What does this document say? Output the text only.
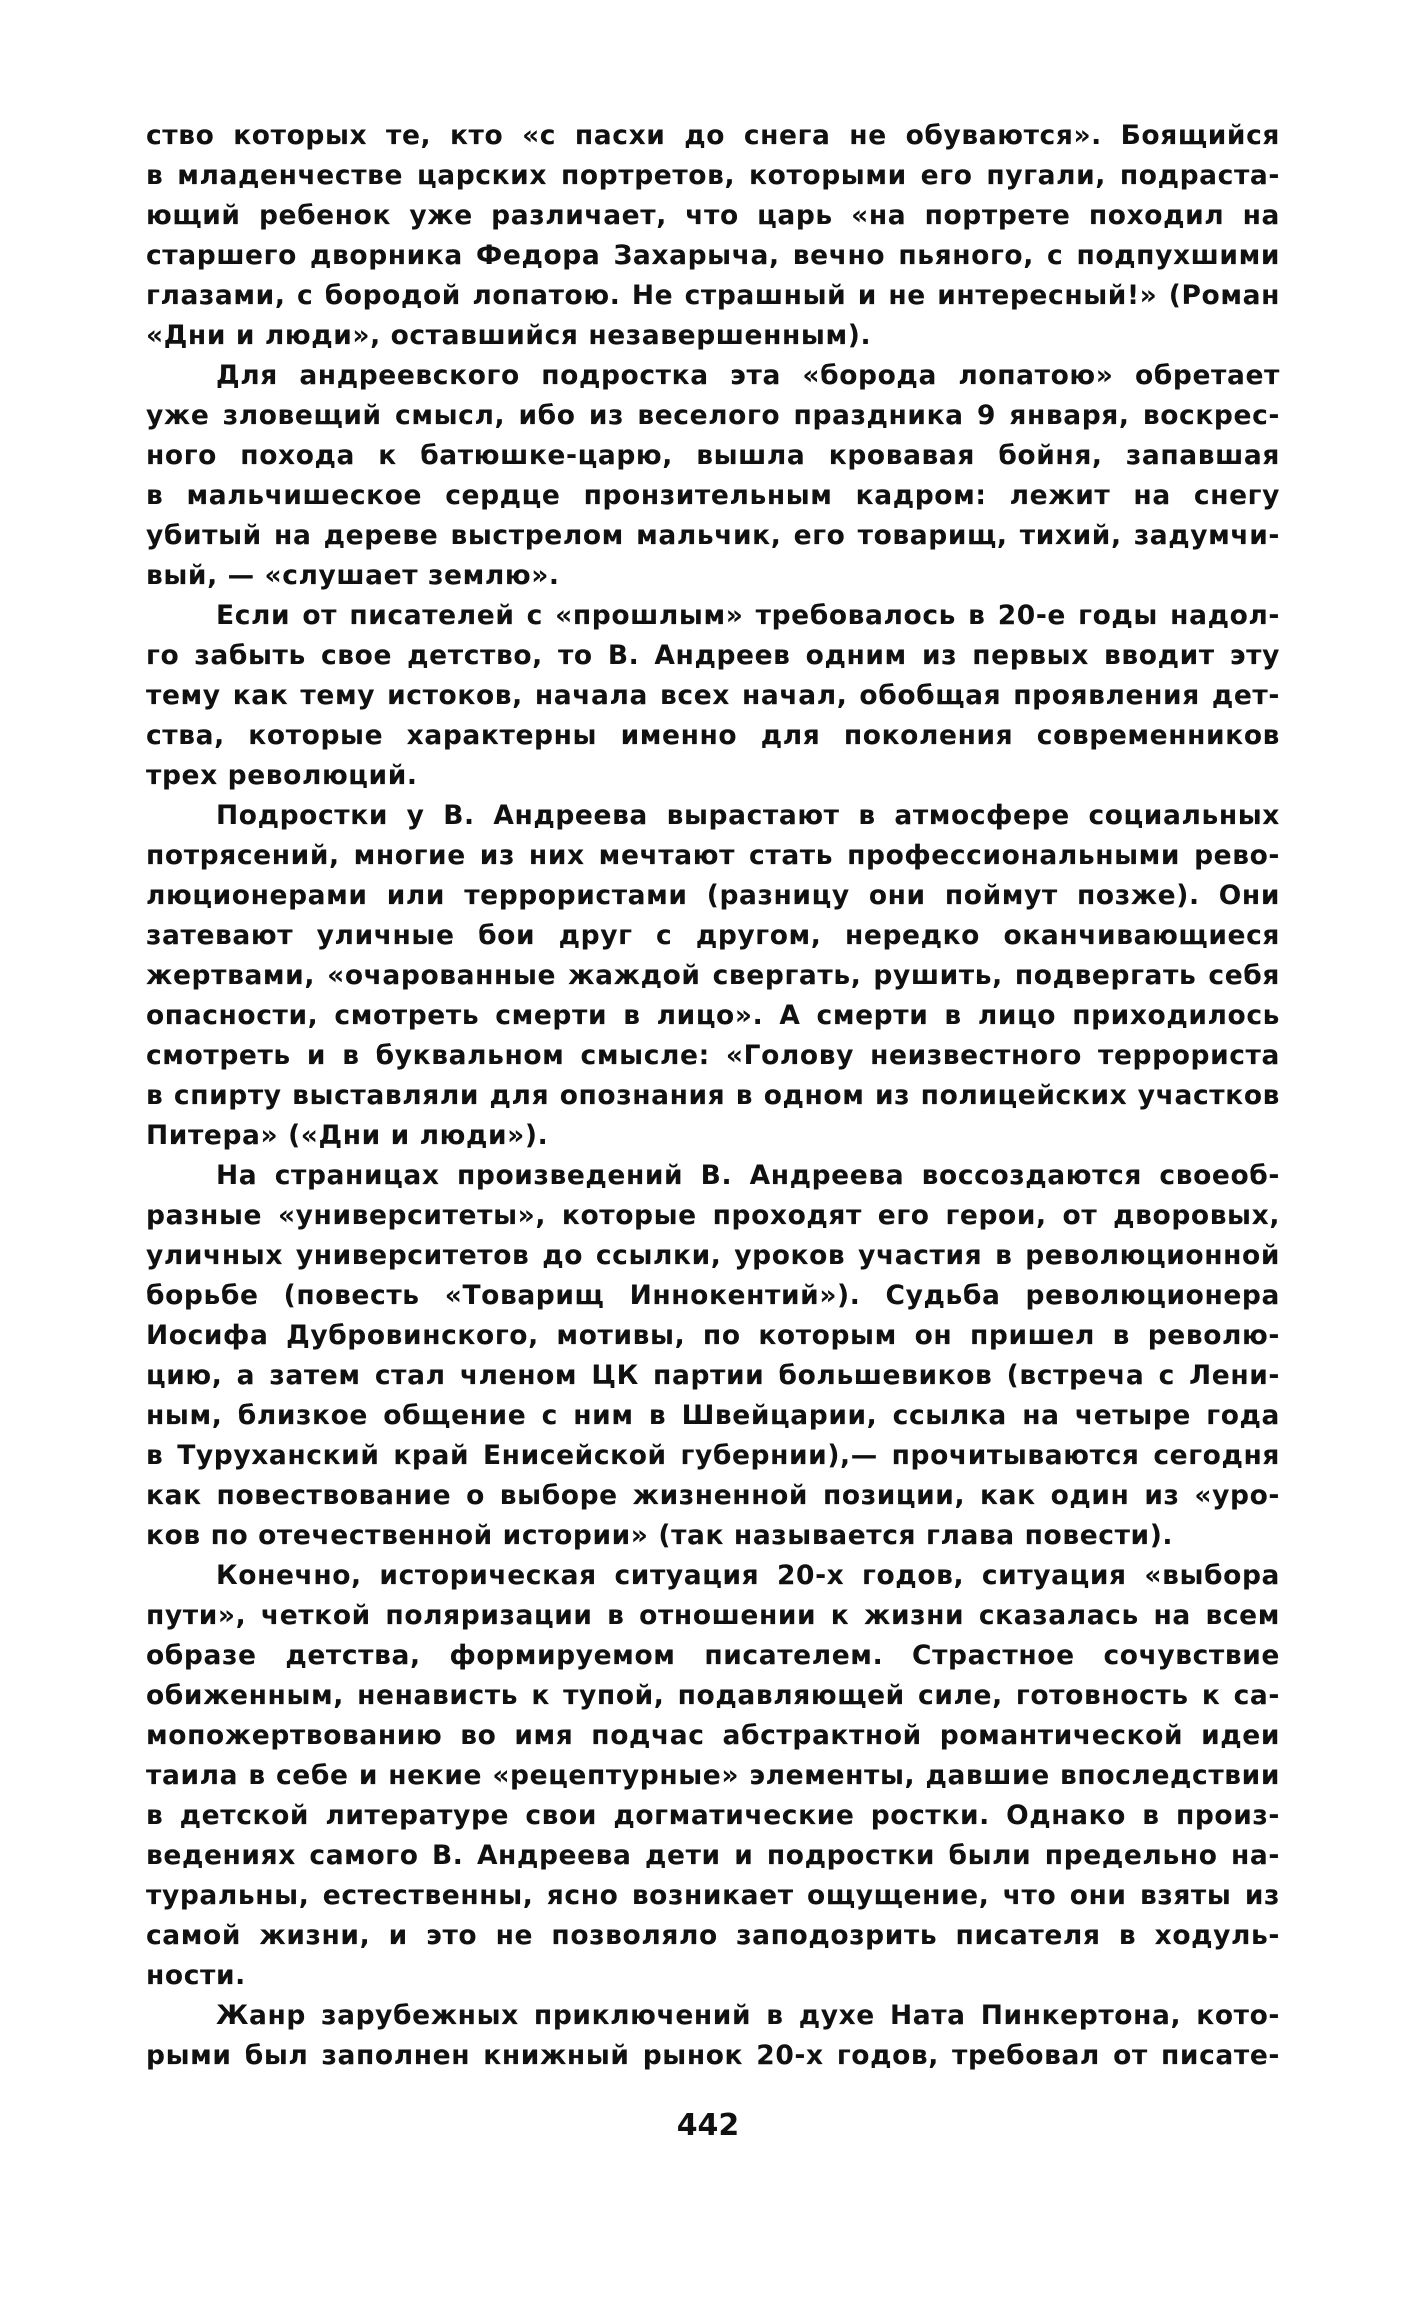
ство которых те, кто «с пасхи до снега не обуваются». Боящийся
в младенчестве царских портретов, которыми его пугали, подраста-
ющий ребенок уже различает, что царь «на портрете походил на
старшего дворника Федора Захарыча, вечно пьяного, с подпухшими
глазами, с бородой лопатою. Не страшный и не интересный!» (Роман
«Дни и люди», оставшийся незавершенным).
Для андреевского подростка эта «борода лопатою» обретает
уже зловещий смысл, ибо из веселого праздника 9 января, воскрес-
ного похода к батюшке-царю, вышла кровавая бойня, запавшая
в мальчишеское сердце пронзительным кадром: лежит на снегу
убитый на дереве выстрелом мальчик, его товарищ, тихий, задумчи-
вый, — «слушает землю».
Если от писателей с «прошлым» требовалось в 20-е годы надол-
го забыть свое детство, то В. Андреев одним из первых вводит эту
тему как тему истоков, начала всех начал, обобщая проявления дет-
ства, которые характерны именно для поколения современников
трех революций.
Подростки у В. Андреева вырастают в атмосфере социальных
потрясений, многие из них мечтают стать профессиональными рево-
люционерами или террористами (разницу они поймут позже). Они
затевают уличные бои друг с другом, нередко оканчивающиеся
жертвами, «очарованные жаждой свергать, рушить, подвергать себя
опасности, смотреть смерти в лицо». А смерти в лицо приходилось
смотреть и в буквальном смысле: «Голову неизвестного террориста
в спирту выставляли для опознания в одном из полицейских участков
Питера» («Дни и люди»).
На страницах произведений В. Андреева воссоздаются своеоб-
разные «университеты», которые проходят его герои, от дворовых,
уличных университетов до ссылки, уроков участия в революционной
борьбе (повесть «Товарищ Иннокентий»). Судьба революционера
Иосифа Дубровинского, мотивы, по которым он пришел в револю-
цию, а затем стал членом ЦК партии большевиков (встреча с Лени-
ным, близкое общение с ним в Швейцарии, ссылка на четыре года
в Туруханский край Енисейской губернии),— прочитываются сегодня
как повествование о выборе жизненной позиции, как один из «уро-
ков по отечественной истории» (так называется глава повести).
Конечно, историческая ситуация 20-х годов, ситуация «выбора
пути», четкой поляризации в отношении к жизни сказалась на всем
образе детства, формируемом писателем. Страстное сочувствие
обиженным, ненависть к тупой, подавляющей силе, готовность к са-
мопожертвованию во имя подчас абстрактной романтической идеи
таила в себе и некие «рецептурные» элементы, давшие впоследствии
в детской литературе свои догматические ростки. Однако в произ-
ведениях самого В. Андреева дети и подростки были предельно на-
туральны, естественны, ясно возникает ощущение, что они взяты из
самой жизни, и это не позволяло заподозрить писателя в ходуль-
ности.
Жанр зарубежных приключений в духе Ната Пинкертона, кото-
рыми был заполнен книжный рынок 20-х годов, требовал от писате-
442
